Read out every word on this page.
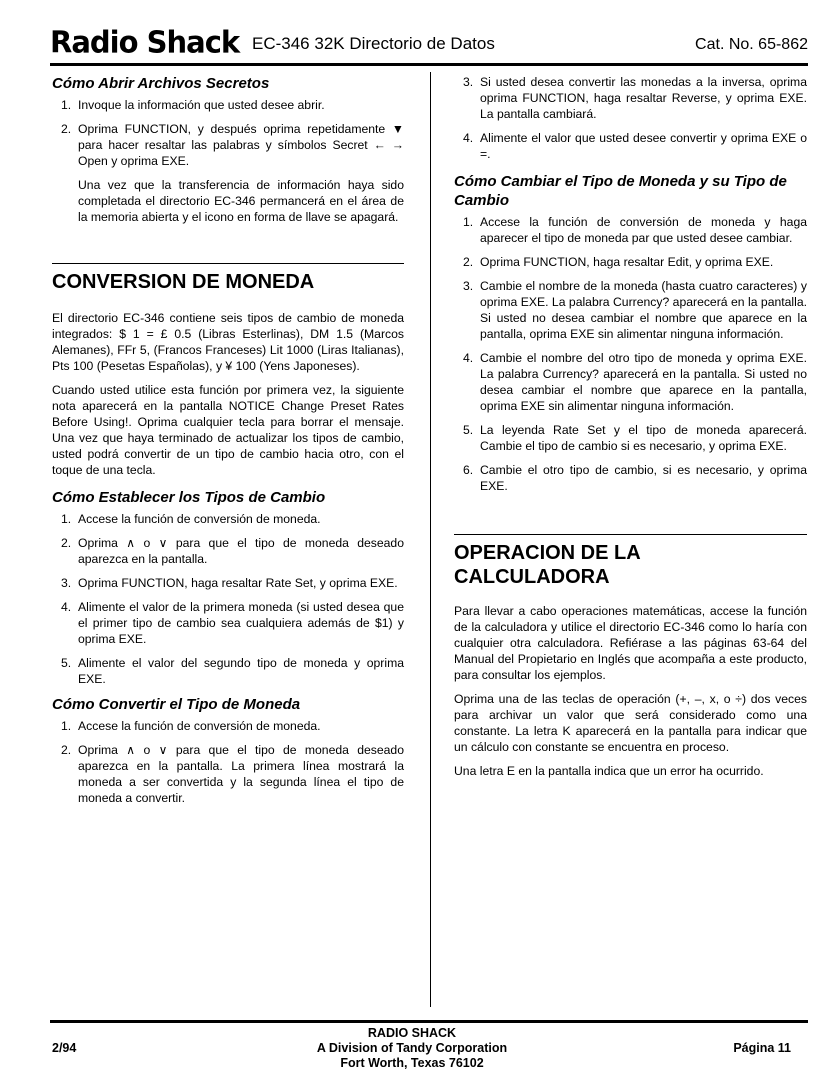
Radio Shack EC-346 32K Directorio de Datos	Cat. No. 65-862
Cómo Abrir Archivos Secretos
1. Invoque la información que usted desee abrir.
2. Oprima FUNCTION, y después oprima repetidamente ▼ para hacer resaltar las palabras y símbolos Secret ← → Open y oprima EXE.

Una vez que la transferencia de información haya sido completada el directorio EC-346 permancerá en el área de la memoria abierta y el icono en forma de llave se apagará.

CONVERSION DE MONEDA

El directorio EC-346 contiene seis tipos de cambio de moneda integrados: $ 1 = £ 0.5 (Libras Esterlinas), DM 1.5 (Marcos Alemanes), FFr 5, (Francos Franceses) Lit 1000 (Liras Italianas), Pts 100 (Pesetas Españolas), y ¥ 100 (Yens Japoneses).

Cuando usted utilice esta función por primera vez, la siguiente nota aparecerá en la pantalla NOTICE Change Preset Rates Before Using!. Oprima cualquier tecla para borrar el mensaje. Una vez que haya terminado de actualizar los tipos de cambio, usted podrá convertir de un tipo de cambio hacia otro, con el toque de una tecla.

Cómo Establecer los Tipos de Cambio
1. Accese la función de conversión de moneda.
2. Oprima ∧ o ∨ para que el tipo de moneda deseado aparezca en la pantalla.
3. Oprima FUNCTION, haga resaltar Rate Set, y oprima EXE.
4. Alimente el valor de la primera moneda (si usted desea que el primer tipo de cambio sea cualquiera además de $1) y oprima EXE.
5. Alimente el valor del segundo tipo de moneda y oprima EXE.
Cómo Convertir el Tipo de Moneda
1. Accese la función de conversión de moneda.
2. Oprima ∧ o ∨ para que el tipo de moneda deseado aparezca en la pantalla. La primera línea mostrará la moneda a ser convertida y la segunda línea el tipo de moneda a convertir.
3. Si usted desea convertir las monedas a la inversa, oprima oprima FUNCTION, haga resaltar Reverse, y oprima EXE. La pantalla cambiará.
4. Alimente el valor que usted desee convertir y oprima EXE o =.
Cómo Cambiar el Tipo de Moneda y su Tipo de Cambio
1. Accese la función de conversión de moneda y haga aparecer el tipo de moneda par que usted desee cambiar.
2. Oprima FUNCTION, haga resaltar Edit, y oprima EXE.
3. Cambie el nombre de la moneda (hasta cuatro caracteres) y oprima EXE. La palabra Currency? aparecerá en la pantalla. Si usted no desea cambiar el nombre que aparece en la pantalla, oprima EXE sin alimentar ninguna información.
4. Cambie el nombre del otro tipo de moneda y oprima EXE. La palabra Currency? aparecerá en la pantalla. Si usted no desea cambiar el nombre que aparece en la pantalla, oprima EXE sin alimentar ninguna información.
5. La leyenda Rate Set y el tipo de moneda aparecerá. Cambie el tipo de cambio si es necesario, y oprima EXE.
6. Cambie el otro tipo de cambio, si es necesario, y oprima EXE.
OPERACION DE LA
CALCULADORA

Para llevar a cabo operaciones matemáticas, accese la función de la calculadora y utilice el directorio EC-346 como lo haría con cualquier otra calculadora. Refiérase a las páginas 63-64 del Manual del Propietario en Inglés que acompaña a este producto, para consultar los ejemplos.

Oprima una de las teclas de operación (+, –, x, o ÷) dos veces para archivar un valor que será considerado como una constante. La letra K aparecerá en la pantalla para indicar que un cálculo con constante se encuentra en proceso.

Una letra E en la pantalla indica que un error ha ocurrido.

RADIO SHACK
A Division of Tandy Corporation
Fort Worth, Texas 76102
2/94	Página 11
